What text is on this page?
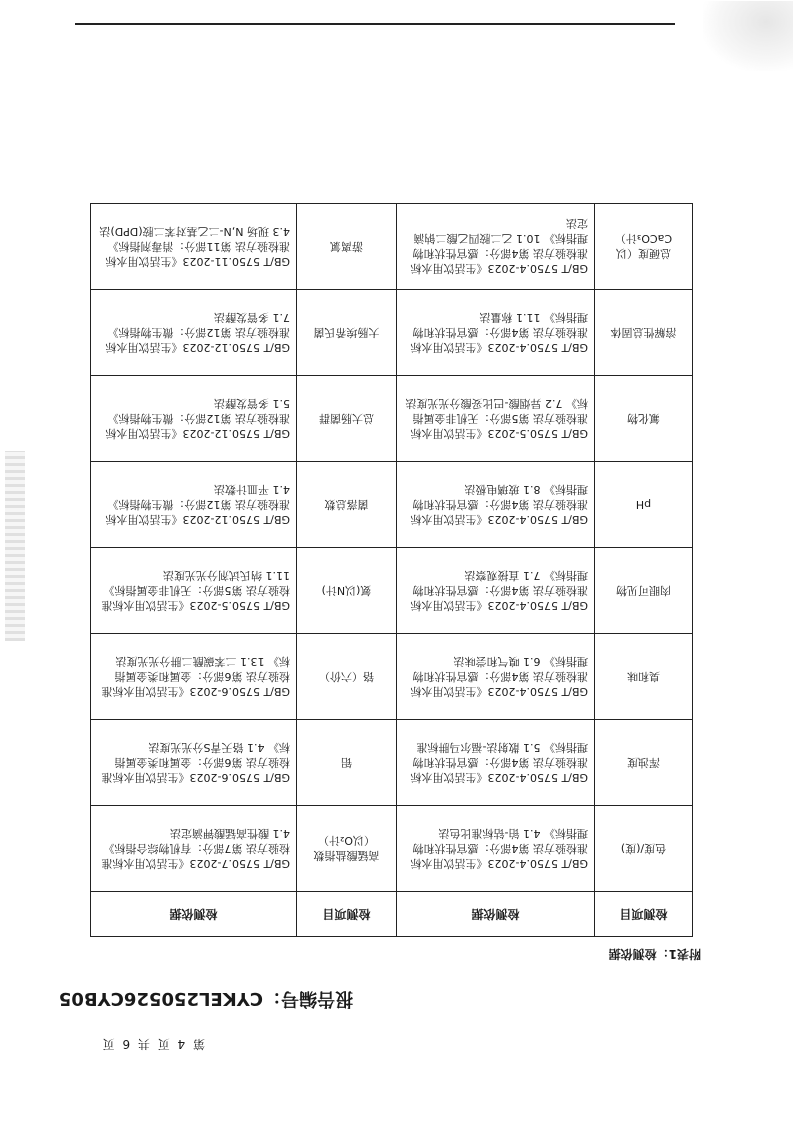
第 4 页 共 6 页
报告编号：CYKEL250526CYB05
附表1：检测依据
检测项目	检测依据	检测项目	检测依据
色度/(度)	GB/T 5750.4-2023《生活饮用水标准检验方法 第4部分：感官性状和物理指标》 4.1 铂-钴标准比色法	高锰酸盐指数（以O₂计）	GB/T 5750.7-2023《生活饮用水标准检验方法 第7部分：有机物综合指标》 4.1 酸性高锰酸钾滴定法
浑浊度	GB/T 5750.4-2023《生活饮用水标准检验方法 第4部分：感官性状和物理指标》 5.1 散射法-福尔马肼标准	铝	GB/T 5750.6-2023《生活饮用水标准检验方法 第6部分：金属和类金属指标》 4.1 铬天青S分光光度法
臭和味	GB/T 5750.4-2023《生活饮用水标准检验方法 第4部分：感官性状和物理指标》 6.1 嗅气和尝味法	铬（六价）	GB/T 5750.6-2023《生活饮用水标准检验方法 第6部分：金属和类金属指标》 13.1 二苯碳酰二肼分光光度法
肉眼可见物	GB/T 5750.4-2023《生活饮用水标准检验方法 第4部分：感官性状和物理指标》 7.1 直接观察法	氨(以N计)	GB/T 5750.5-2023《生活饮用水标准检验方法 第5部分：无机非金属指标》 11.1 纳氏试剂分光光度法
pH	GB/T 5750.4-2023《生活饮用水标准检验方法 第4部分：感官性状和物理指标》 8.1 玻璃电极法	菌落总数	GB/T 5750.12-2023《生活饮用水标准检验方法 第12部分：微生物指标》 4.1 平皿计数法
氟化物	GB/T 5750.5-2023《生活饮用水标准检验方法 第5部分：无机非金属指标》 7.2 异烟酸-巴比妥酸分光光度法	总大肠菌群	GB/T 5750.12-2023《生活饮用水标准检验方法 第12部分：微生物指标》 5.1 多管发酵法
溶解性总固体	GB/T 5750.4-2023《生活饮用水标准检验方法 第4部分：感官性状和物理指标》 11.1 称量法	大肠埃希氏菌	GB/T 5750.12-2023《生活饮用水标准检验方法 第12部分：微生物指标》 7.1 多管发酵法
总硬度（以CaCO₃计）	GB/T 5750.4-2023《生活饮用水标准检验方法 第4部分：感官性状和物理指标》 10.1 乙二胺四乙酸二钠滴定法	游离氯	GB/T 5750.11-2023《生活饮用水标准检验方法 第11部分：消毒剂指标》 4.3 现场 N,N-二乙基对苯二胺(DPD)法
